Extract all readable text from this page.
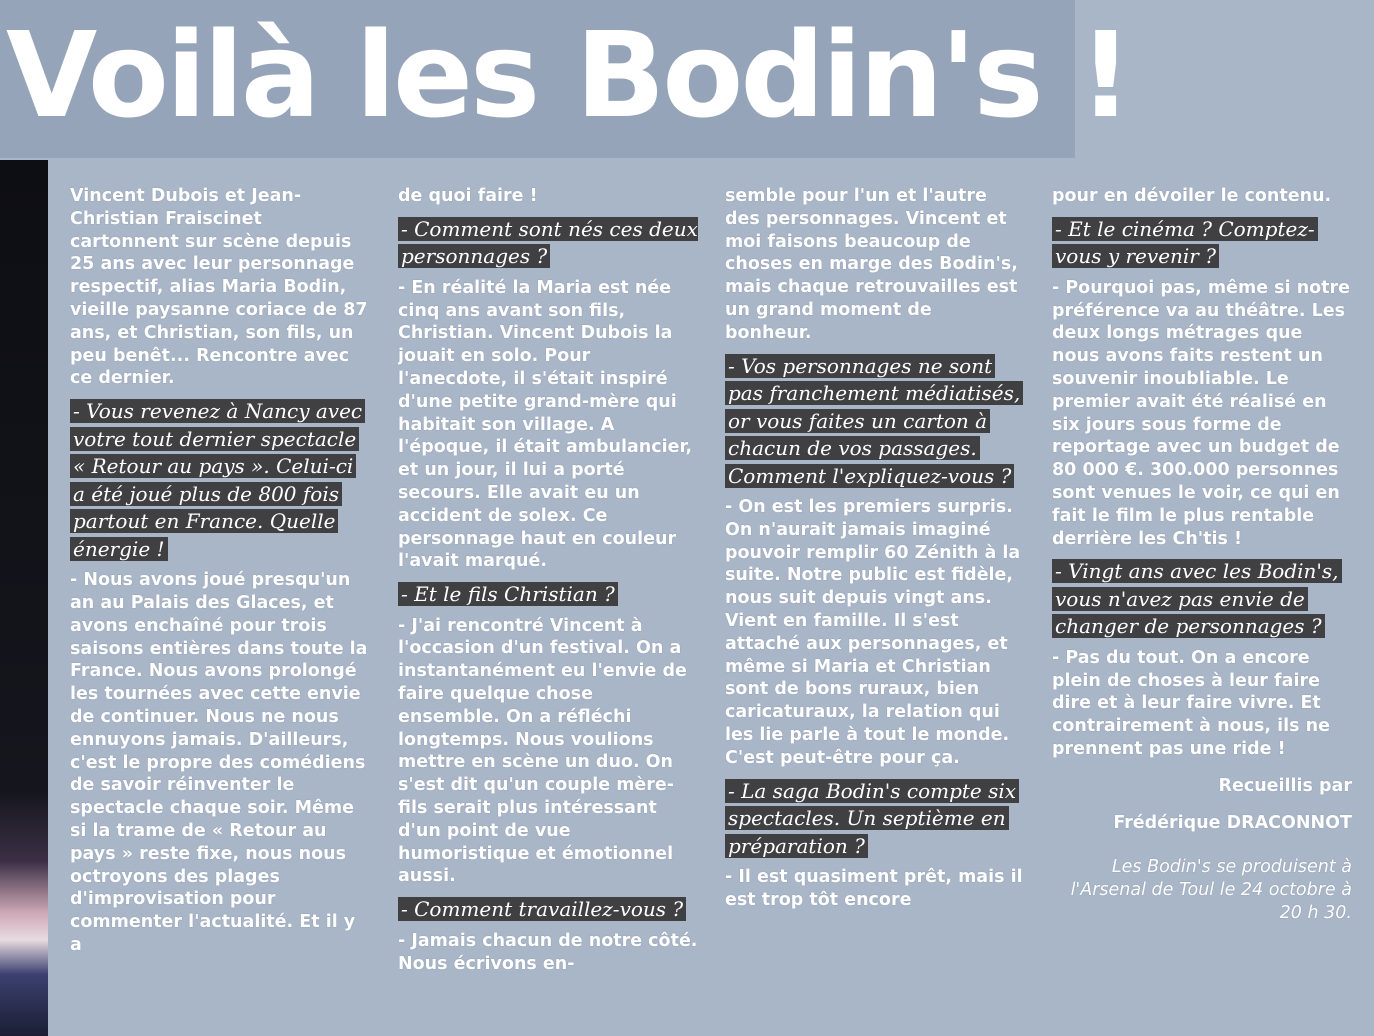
Voilà les Bodin's !

Vincent Dubois et Jean-Christian Fraiscinet cartonnent sur scène depuis 25 ans avec leur personnage respectif, alias Maria Bodin, vieille paysanne coriace de 87 ans, et Christian, son fils, un peu benêt... Rencontre avec ce dernier.

- Vous revenez à Nancy avec votre tout dernier spectacle « Retour au pays ». Celui-ci a été joué plus de 800 fois partout en France. Quelle énergie !

- Nous avons joué presqu'un an au Palais des Glaces, et avons enchaîné pour trois saisons entières dans toute la France. Nous avons prolongé les tournées avec cette envie de continuer. Nous ne nous ennuyons jamais. D'ailleurs, c'est le propre des comédiens de savoir réinventer le spectacle chaque soir. Même si la trame de « Retour au pays » reste fixe, nous nous octroyons des plages d'improvisation pour commenter l'actualité. Et il y a

de quoi faire !

- Comment sont nés ces deux personnages ?

- En réalité la Maria est née cinq ans avant son fils, Christian. Vincent Dubois la jouait en solo. Pour l'anecdote, il s'était inspiré d'une petite grand-mère qui habitait son village. A l'époque, il était ambulancier, et un jour, il lui a porté secours. Elle avait eu un accident de solex. Ce personnage haut en couleur l'avait marqué.

- Et le fils Christian ?

- J'ai rencontré Vincent à l'occasion d'un festival. On a instantanément eu l'envie de faire quelque chose ensemble. On a réfléchi longtemps. Nous voulions mettre en scène un duo. On s'est dit qu'un couple mère-fils serait plus intéressant d'un point de vue humoristique et émotionnel aussi.

- Comment travaillez-vous ?

- Jamais chacun de notre côté. Nous écrivons en-

semble pour l'un et l'autre des personnages. Vincent et moi faisons beaucoup de choses en marge des Bodin's, mais chaque retrouvailles est un grand moment de bonheur.

- Vos personnages ne sont pas franchement médiatisés, or vous faites un carton à chacun de vos passages. Comment l'expliquez-vous ?

- On est les premiers surpris. On n'aurait jamais imaginé pouvoir remplir 60 Zénith à la suite. Notre public est fidèle, nous suit depuis vingt ans. Vient en famille. Il s'est attaché aux personnages, et même si Maria et Christian sont de bons ruraux, bien caricaturaux, la relation qui les lie parle à tout le monde. C'est peut-être pour ça.

- La saga Bodin's compte six spectacles. Un septième en préparation ?

- Il est quasiment prêt, mais il est trop tôt encore

pour en dévoiler le contenu.

- Et le cinéma ? Comptez-vous y revenir ?

- Pourquoi pas, même si notre préférence va au théâtre. Les deux longs métrages que nous avons faits restent un souvenir inoubliable. Le premier avait été réalisé en six jours sous forme de reportage avec un budget de 80 000 €. 300.000 personnes sont venues le voir, ce qui en fait le film le plus rentable derrière les Ch'tis !

- Vingt ans avec les Bodin's, vous n'avez pas envie de changer de personnages ?

- Pas du tout. On a encore plein de choses à leur faire dire et à leur faire vivre. Et contrairement à nous, ils ne prennent pas une ride !

Recueillis par

Frédérique DRACONNOT

Les Bodin's se produisent à l'Arsenal de Toul le 24 octobre à 20 h 30.
